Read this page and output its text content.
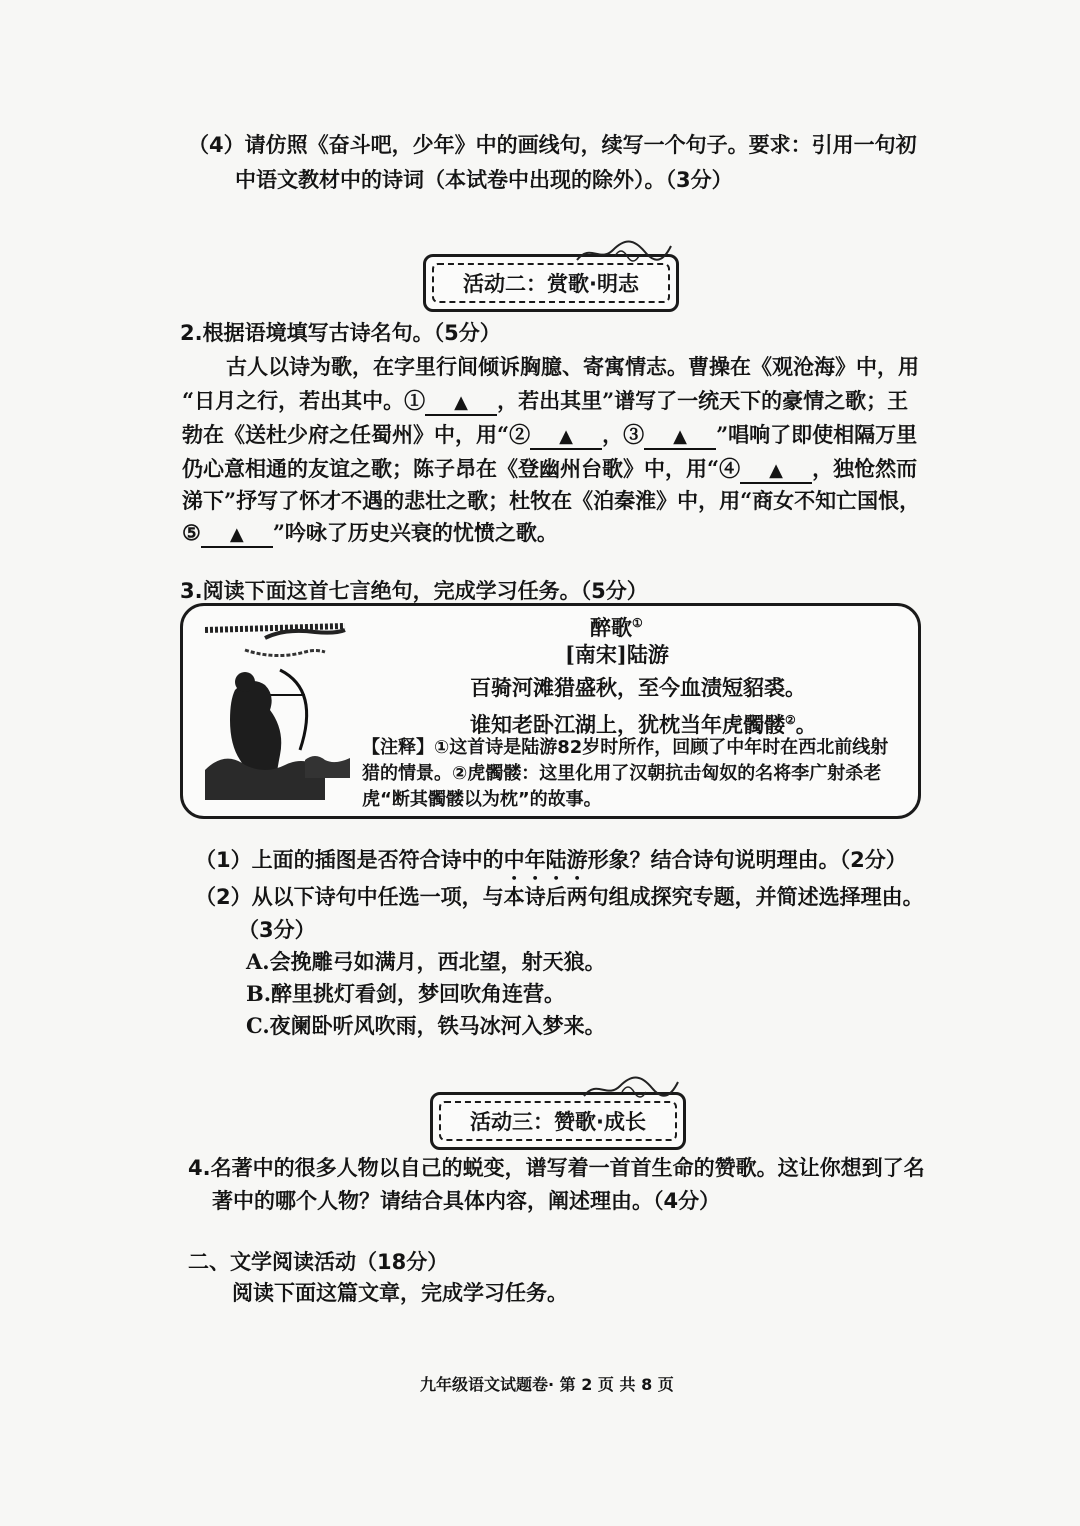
（4）请仿照《奋斗吧，少年》中的画线句，续写一个句子。要求：引用一句初
中语文教材中的诗词（本试卷中出现的除外）。（3分）
活动二：赏歌·明志
2.根据语境填写古诗名句。（5分）
古人以诗为歌，在字里行间倾诉胸臆、寄寓情志。曹操在《观沧海》中，用
“日月之行，若出其中。① ▲ ，若出其里”谱写了一统天下的豪情之歌；王
勃在《送杜少府之任蜀州》中，用“② ▲ ，③ ▲ ”唱响了即使相隔万里
仍心意相通的友谊之歌；陈子昂在《登幽州台歌》中，用“④ ▲ ，独怆然而
涕下”抒写了怀才不遇的悲壮之歌；杜牧在《泊秦淮》中，用“商女不知亡国恨，
⑤ ▲ ”吟咏了历史兴衰的忧愤之歌。
3.阅读下面这首七言绝句，完成学习任务。（5分）
醉歌①
[南宋]陆游
百骑河滩猎盛秋，至今血渍短貂裘。
谁知老卧江湖上，犹枕当年虎髑髅②。
【注释】①这首诗是陆游82岁时所作，回顾了中年时在西北前线射
猎的情景。②虎髑髅：这里化用了汉朝抗击匈奴的名将李广射杀老
虎“断其髑髅以为枕”的故事。
（1）上面的插图是否符合诗中的中年陆游形象？结合诗句说明理由。（2分）
（2）从以下诗句中任选一项，与本诗后两句组成探究专题，并简述选择理由。
（3分）
A.会挽雕弓如满月，西北望，射天狼。
B.醉里挑灯看剑，梦回吹角连营。
C.夜阑卧听风吹雨，铁马冰河入梦来。
活动三：赞歌·成长
4.名著中的很多人物以自己的蜕变，谱写着一首首生命的赞歌。这让你想到了名
著中的哪个人物？请结合具体内容，阐述理由。（4分）
二、文学阅读活动（18分）
阅读下面这篇文章，完成学习任务。
九年级语文试题卷· 第 2 页 共 8 页
